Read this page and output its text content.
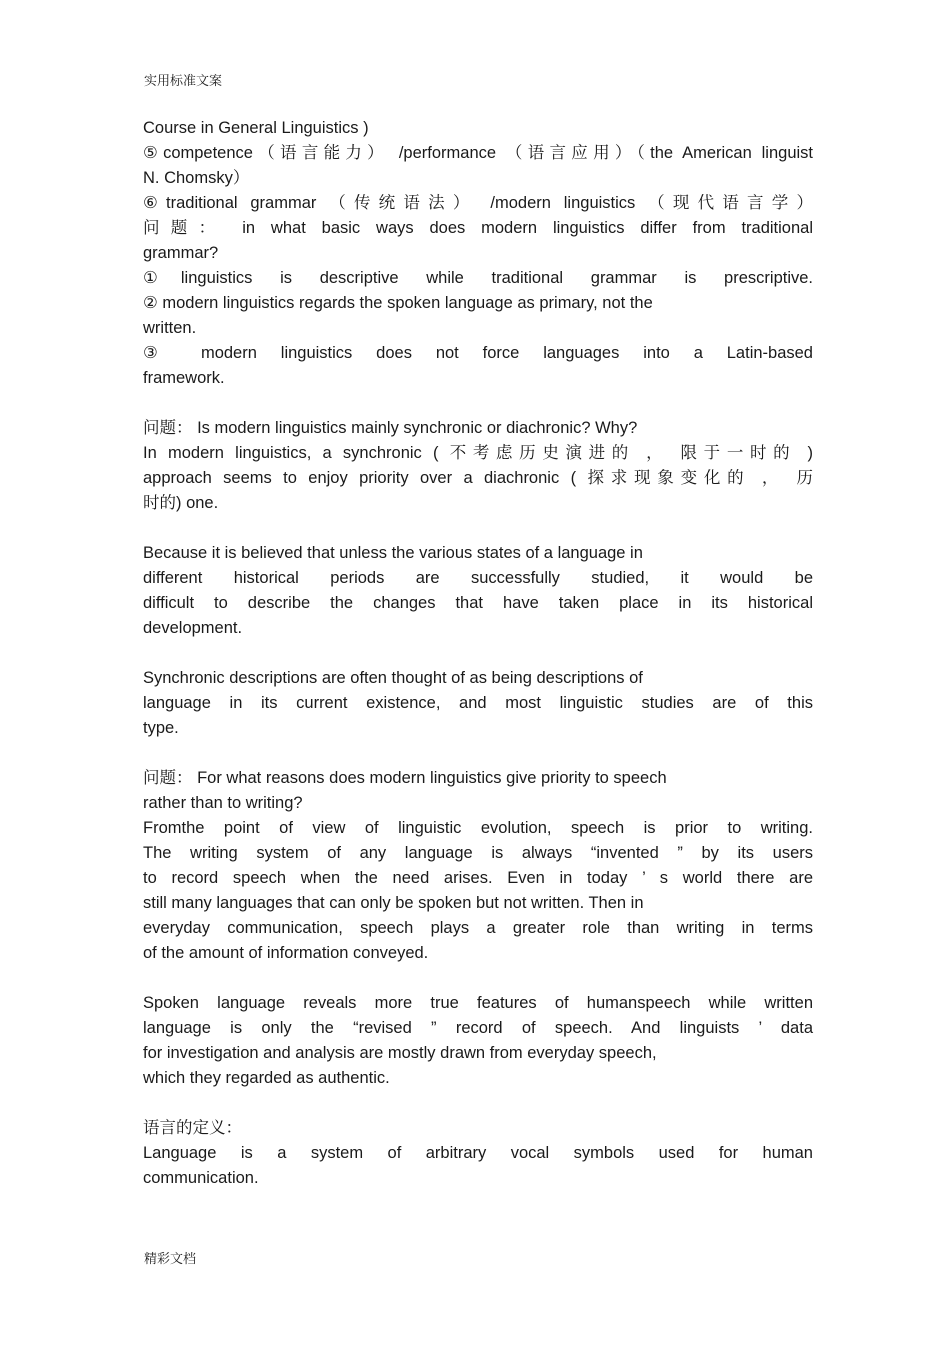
实用标准文案
Course in General Linguistics )
⑤competence（语言能力） /performance （语言应用）（the American linguist
N. Chomsky）
⑥traditional grammar （传统语法） /modern linguistics （现代语言学）
问题： in what basic ways does modern linguistics differ from traditional
grammar?
①linguistics is descriptive while traditional grammar is prescriptive.
② modern linguistics regards the spoken language as primary, not the
written.
③ modern linguistics does not force languages into a Latin-based
framework.
问题： Is modern linguistics mainly synchronic or diachronic? Why?
In modern linguistics, a synchronic ( 不考虑历史演进的 ， 限于一时的 )
approach seems to enjoy priority over a diachronic ( 探求现象变化的 ， 历
时的) one.
Because it is believed that unless the various states of a language in
different historical periods are successfully studied, it would be
difficult to describe the changes that have taken place in its historical
development.
Synchronic descriptions are often thought of as being descriptions of
language in its current existence, and most linguistic studies are of this
type.
问题： For what reasons does modern linguistics give priority to speech
rather than to writing?
Fromthe point of view of linguistic evolution, speech is prior to writing.
The writing system of any language is always “invented ” by its users
to record speech when the need arises. Even in today ’ s world there are
still many languages that can only be spoken but not written. Then in
everyday communication, speech plays a greater role than writing in terms
of the amount of information conveyed.
Spoken language reveals more true features of humanspeech while written
language is only the “revised ” record of speech. And linguists ’ data
for investigation and analysis are mostly drawn from everyday speech,
which they regarded as authentic.
语言的定义：
Language is a system of arbitrary vocal symbols used for human
communication.
精彩文档
